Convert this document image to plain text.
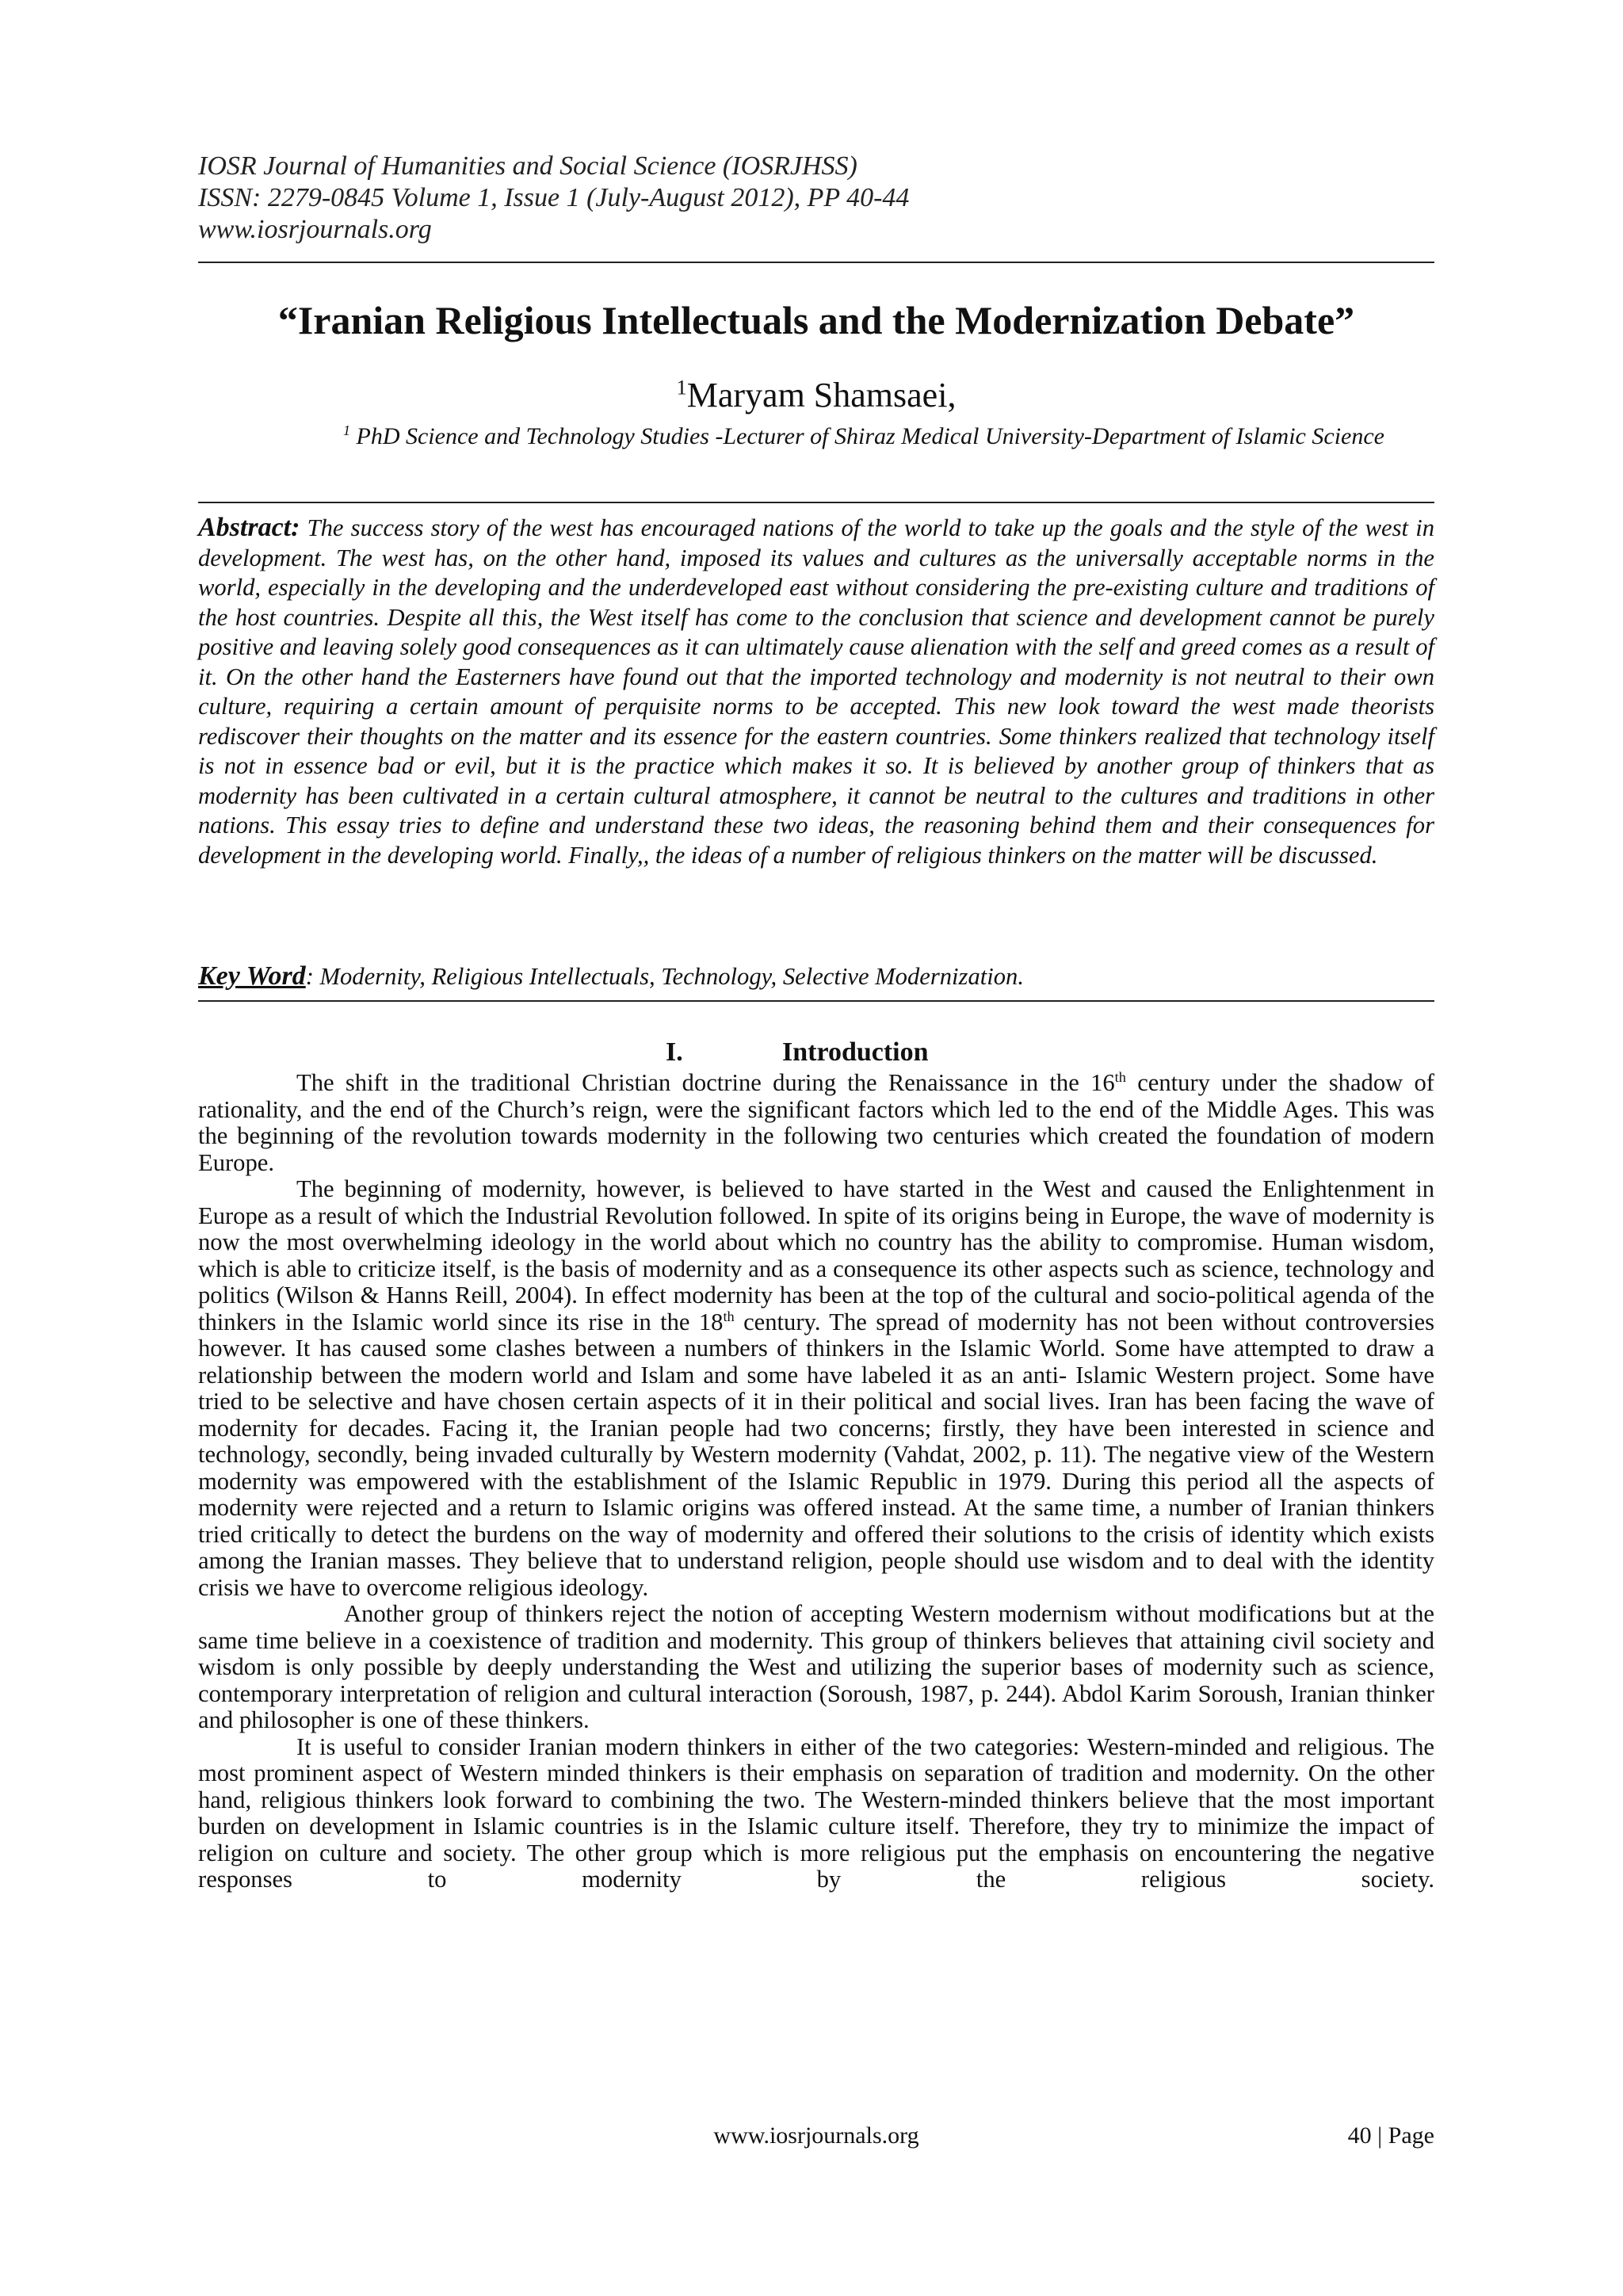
IOSR Journal of Humanities and Social Science (IOSRJHSS)
ISSN: 2279-0845 Volume 1, Issue 1 (July-August 2012), PP 40-44
www.iosrjournals.org
“Iranian Religious Intellectuals and the Modernization Debate”
$^1$Maryam Shamsaei,
$^1$ PhD Science and Technology Studies -Lecturer of Shiraz Medical University-Department of Islamic Science
Abstract: The success story of the west has encouraged nations of the world to take up the goals and the style of the west in development. The west has, on the other hand, imposed its values and cultures as the universally acceptable norms in the world, especially in the developing and the underdeveloped east without considering the pre-existing culture and traditions of the host countries. Despite all this, the West itself has come to the conclusion that science and development cannot be purely positive and leaving solely good consequences as it can ultimately cause alienation with the self and greed comes as a result of it. On the other hand the Easterners have found out that the imported technology and modernity is not neutral to their own culture, requiring a certain amount of perquisite norms to be accepted. This new look toward the west made theorists rediscover their thoughts on the matter and its essence for the eastern countries. Some thinkers realized that technology itself is not in essence bad or evil, but it is the practice which makes it so. It is believed by another group of thinkers that as modernity has been cultivated in a certain cultural atmosphere, it cannot be neutral to the cultures and traditions in other nations. This essay tries to define and understand these two ideas, the reasoning behind them and their consequences for development in the developing world. Finally,, the ideas of a number of religious thinkers on the matter will be discussed.
Key Word: Modernity, Religious Intellectuals, Technology, Selective Modernization.
I.	Introduction

The shift in the traditional Christian doctrine during the Renaissance in the 16th century under the shadow of rationality, and the end of the Church’s reign, were the significant factors which led to the end of the Middle Ages. This was the beginning of the revolution towards modernity in the following two centuries which created the foundation of modern Europe.

The beginning of modernity, however, is believed to have started in the West and caused the Enlightenment in Europe as a result of which the Industrial Revolution followed. In spite of its origins being in Europe, the wave of modernity is now the most overwhelming ideology in the world about which no country has the ability to compromise. Human wisdom, which is able to criticize itself, is the basis of modernity and as a consequence its other aspects such as science, technology and politics (Wilson & Hanns Reill, 2004). In effect modernity has been at the top of the cultural and socio-political agenda of the thinkers in the Islamic world since its rise in the 18th century. The spread of modernity has not been without controversies however. It has caused some clashes between a numbers of thinkers in the Islamic World. Some have attempted to draw a relationship between the modern world and Islam and some have labeled it as an anti- Islamic Western project. Some have tried to be selective and have chosen certain aspects of it in their political and social lives. Iran has been facing the wave of modernity for decades. Facing it, the Iranian people had two concerns; firstly, they have been interested in science and technology, secondly, being invaded culturally by Western modernity (Vahdat, 2002, p. 11). The negative view of the Western modernity was empowered with the establishment of the Islamic Republic in 1979. During this period all the aspects of modernity were rejected and a return to Islamic origins was offered instead. At the same time, a number of Iranian thinkers tried critically to detect the burdens on the way of modernity and offered their solutions to the crisis of identity which exists among the Iranian masses. They believe that to understand religion, people should use wisdom and to deal with the identity crisis we have to overcome religious ideology.

Another group of thinkers reject the notion of accepting Western modernism without modifications but at the same time believe in a coexistence of tradition and modernity. This group of thinkers believes that attaining civil society and wisdom is only possible by deeply understanding the West and utilizing the superior bases of modernity such as science, contemporary interpretation of religion and cultural interaction (Soroush, 1987, p. 244). Abdol Karim Soroush, Iranian thinker and philosopher is one of these thinkers.

It is useful to consider Iranian modern thinkers in either of the two categories: Western-minded and religious. The most prominent aspect of Western minded thinkers is their emphasis on separation of tradition and modernity. On the other hand, religious thinkers look forward to combining the two. The Western-minded thinkers believe that the most important burden on development in Islamic countries is in the Islamic culture itself. Therefore, they try to minimize the impact of religion on culture and society. The other group which is more religious put the emphasis on encountering the negative responses to modernity by the religious society.

www.iosrjournals.org	40 | Page
